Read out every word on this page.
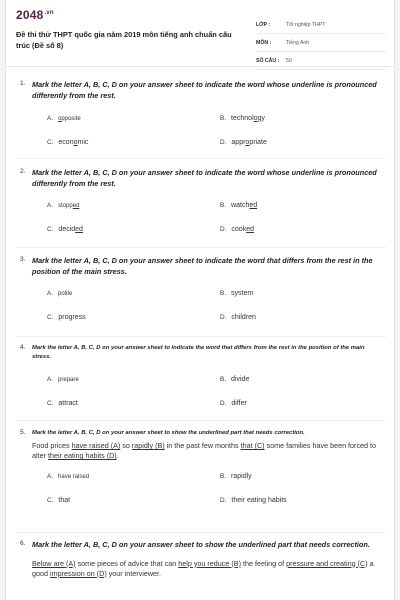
$2048^{.vn}$
Đề thi thử THPT quốc gia năm 2019 môn tiếng anh chuẩn cấu trúc (Đề số 8)
LỚP :	Tốt nghiệp THPT
MÔN :	Tiếng Anh
SỐ CÂU :	50
1. Mark the letter A, B, C, D on your answer sheet to indicate the word whose underline is pronounced differently from the rest.
A. opposite	B. technology
C. economic	D. appropriate
2. Mark the letter A, B, C, D on your answer sheet to indicate the word whose underline is pronounced differently from the rest.
A. stopped	B. watched
C. decided	D. cooked
3. Mark the letter A, B, C, D on your answer sheet to indicate the word that differs from the rest in the position of the main stress.
A. polite	B. system
C. progress	D. children
4.	Mark the letter A, B, C, D on your answer sheet to indicate the word that differs from the rest in the position of the main stress.
A. prepare	B. divide
C. attract	D. differ
5.	Mark the letter A, B, C, D on your answer sheet to show the underlined part that needs correction.
Food prices have raised (A) so rapidly (B) in the past few months that (C) some families have been forced to alter their eating habits (D).
A. have raised	B. rapidly
C. that	D. their eating habits
6. Mark the letter A, B, C, D on your answer sheet to show the underlined part that needs correction.
Below are (A) some pieces of advice that can help you reduce (B) the feeling of pressure and creating (C) a good impression on (D) your interviewer.
